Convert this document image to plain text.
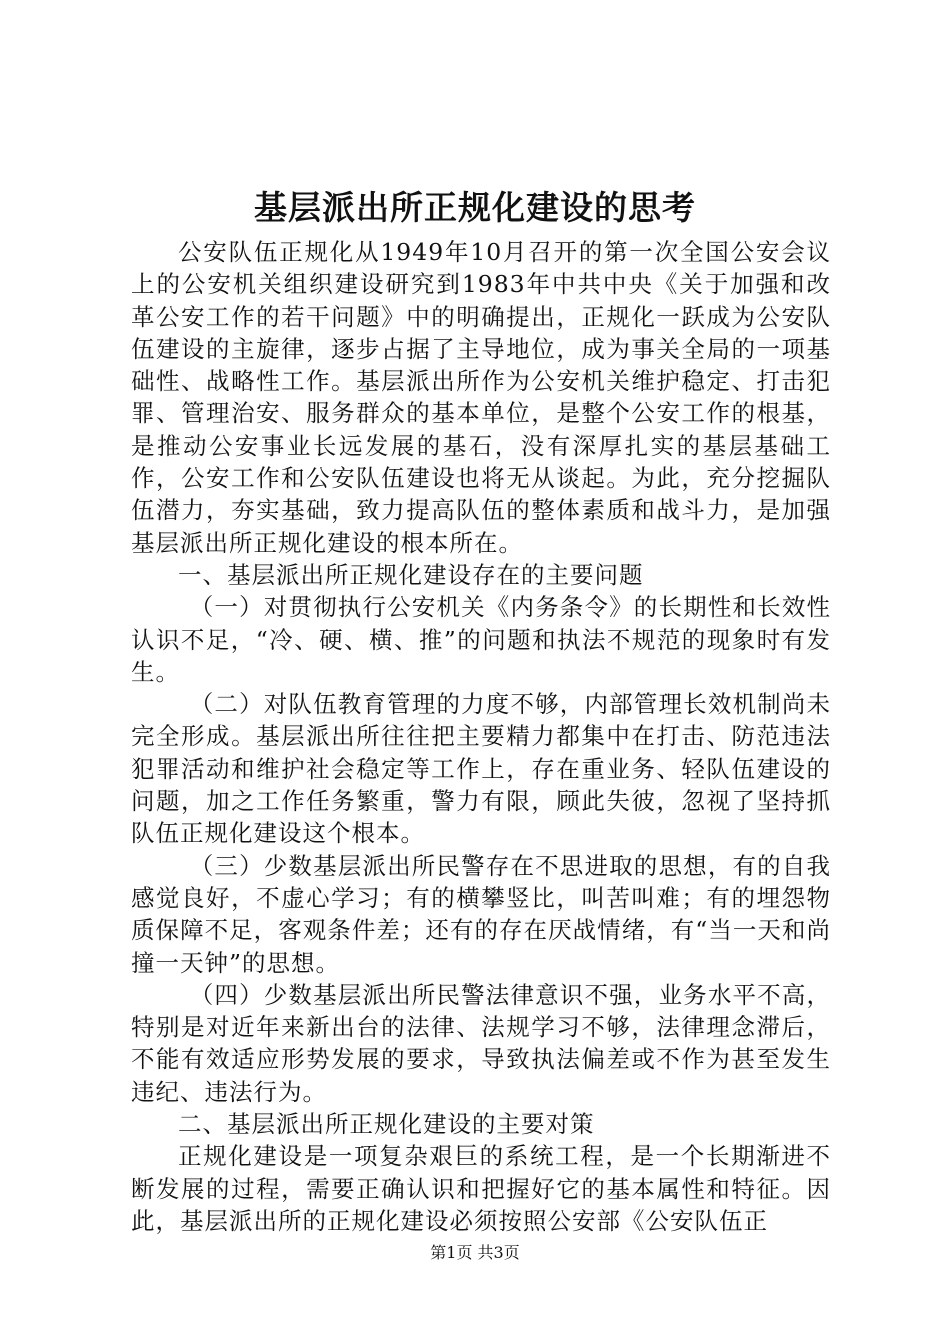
基层派出所正规化建设的思考

公安队伍正规化从1949年10月召开的第一次全国公安会议上的公安机关组织建设研究到1983年中共中央《关于加强和改革公安工作的若干问题》中的明确提出，正规化一跃成为公安队伍建设的主旋律，逐步占据了主导地位，成为事关全局的一项基础性、战略性工作。基层派出所作为公安机关维护稳定、打击犯罪、管理治安、服务群众的基本单位，是整个公安工作的根基，是推动公安事业长远发展的基石，没有深厚扎实的基层基础工作，公安工作和公安队伍建设也将无从谈起。为此，充分挖掘队伍潜力，夯实基础，致力提高队伍的整体素质和战斗力，是加强基层派出所正规化建设的根本所在。

一、基层派出所正规化建设存在的主要问题

（一）对贯彻执行公安机关《内务条令》的长期性和长效性认识不足，“冷、硬、横、推”的问题和执法不规范的现象时有发生。

（二）对队伍教育管理的力度不够，内部管理长效机制尚未完全形成。基层派出所往往把主要精力都集中在打击、防范违法犯罪活动和维护社会稳定等工作上，存在重业务、轻队伍建设的问题，加之工作任务繁重，警力有限，顾此失彼，忽视了坚持抓队伍正规化建设这个根本。

（三）少数基层派出所民警存在不思进取的思想，有的自我感觉良好，不虚心学习；有的横攀竖比，叫苦叫难；有的埋怨物质保障不足，客观条件差；还有的存在厌战情绪，有“当一天和尚撞一天钟”的思想。

（四）少数基层派出所民警法律意识不强，业务水平不高，特别是对近年来新出台的法律、法规学习不够，法律理念滞后，不能有效适应形势发展的要求，导致执法偏差或不作为甚至发生违纪、违法行为。

二、基层派出所正规化建设的主要对策

正规化建设是一项复杂艰巨的系统工程，是一个长期渐进不断发展的过程，需要正确认识和把握好它的基本属性和特征。因此，基层派出所的正规化建设必须按照公安部《公安队伍正

第1页 共3页
